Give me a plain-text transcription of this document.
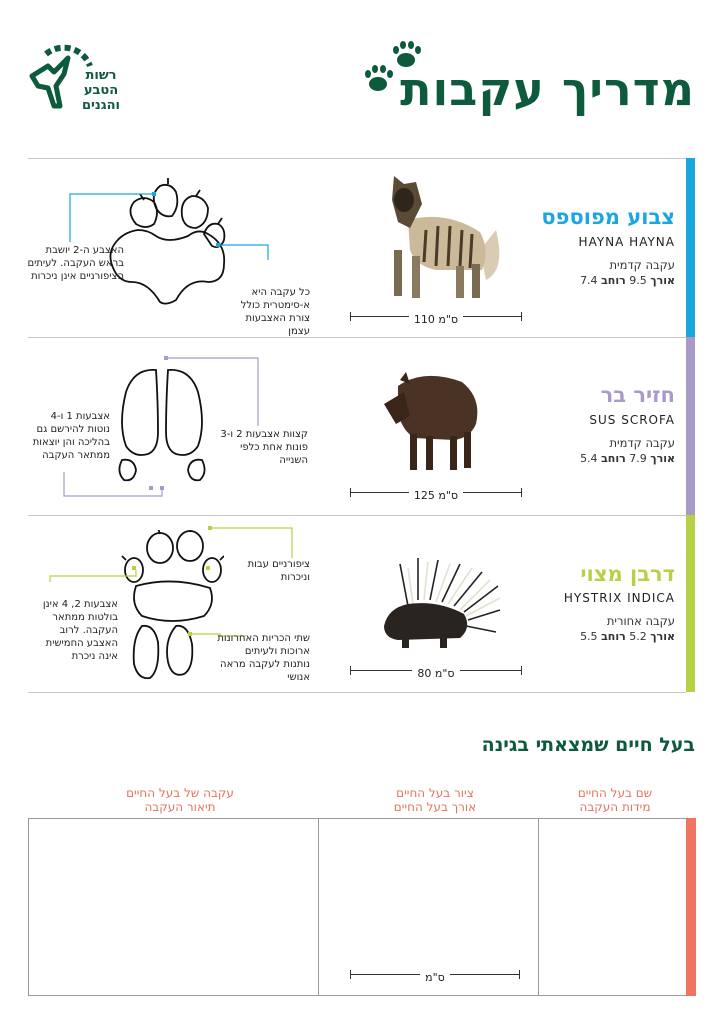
רשות הטבע והגנים	מדריך עקבות
צבוע מפוספס
HAYNA HAYNA
עקבה קדמית
אורך 9.5 רוחב 7.4
110 ס"מ
האצבע ה-2 יושבת בראש העקבה. לעיתים הציפורניים אינן ניכרות
כל עקבה היא א-סימטרית כולל צורת האצבעות עצמן
חזיר בר
SUS SCROFA
עקבה קדמית
אורך 7.9 רוחב 5.4
125 ס"מ
אצבעות 1 ו-4 נוטות להירשם גם בהליכה והן יוצאות ממתאר העקבה
קצוות אצבעות 2 ו-3 פונות אחת כלפי השנייה
דרבן מצוי
HYSTRIX INDICA
עקבה אחורית
אורך 5.2 רוחב 5.5
80 ס"מ
ציפורניים עבות וניכרות
אצבעות 2, 4 אינן בולטות ממתאר העקבה. לרוב האצבע החמישית אינה ניכרת
שתי הכריות האחרונות ארוכות ולעיתים נותנות לעקבה מראה אנושי
בעל חיים שמצאתי בגינה
שם בעל החיים
מידות העקבה
ציור בעל החיים
אורך בעל החיים
עקבה של בעל החיים
תיאור העקבה
ס"מ
